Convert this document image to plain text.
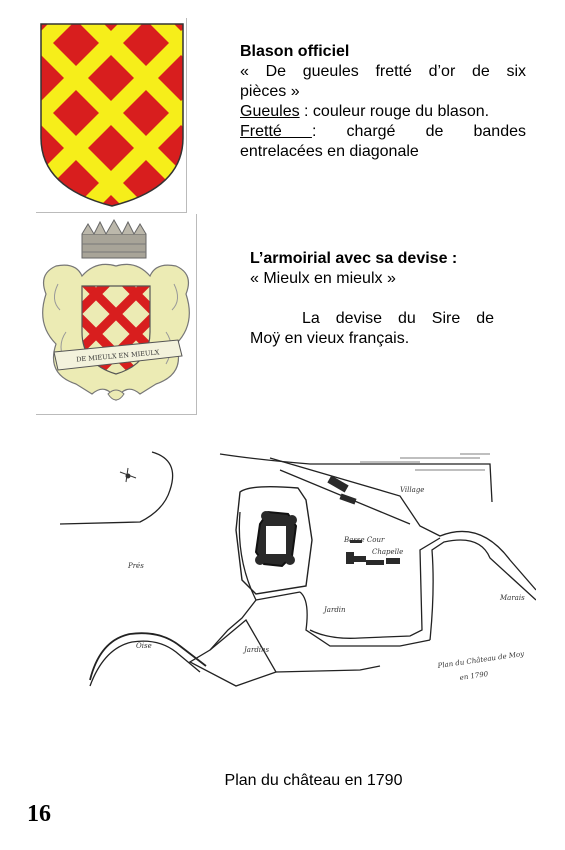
DE MIEULX EN MIEULX
Blason officiel
« De gueules fretté d’or de six
pièces »
Gueules : couleur rouge du blason.
Fretté : chargé de bandes
entrelacées en diagonale
L’armoirial avec sa devise :
« Mieulx en mieulx »
La devise du Sire de
Moÿ en vieux français.
Village
Basse Cour
Chapelle
Jardin
Jardins
Prés
Marais
Oise
Plan du Château de Moy
en 1790
Plan du château en 1790
16
